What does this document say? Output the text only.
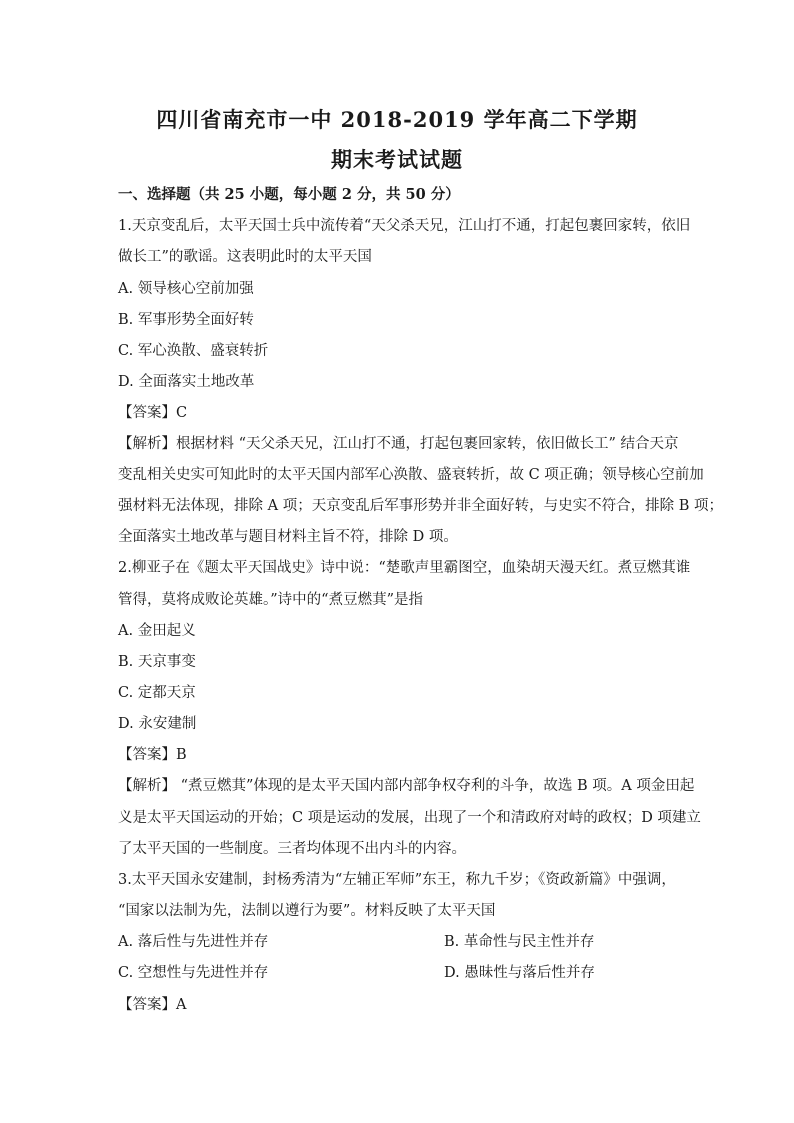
四川省南充市一中 2018-2019 学年高二下学期
期末考试试题
一、选择题（共 25 小题，每小题 2 分，共 50 分）
1.天京变乱后，太平天国士兵中流传着“天父杀天兄，江山打不通，打起包裹回家转，依旧
做长工”的歌谣。这表明此时的太平天国
A. 领导核心空前加强
B. 军事形势全面好转
C. 军心涣散、盛衰转折
D. 全面落实土地改革
【答案】C
【解析】根据材料 “天父杀天兄，江山打不通，打起包裹回家转，依旧做长工” 结合天京
变乱相关史实可知此时的太平天国内部军心涣散、盛衰转折，故 C 项正确；领导核心空前加
强材料无法体现，排除 A 项；天京变乱后军事形势并非全面好转，与史实不符合，排除 B 项；
全面落实土地改革与题目材料主旨不符，排除 D 项。
2.柳亚子在《题太平天国战史》诗中说：“楚歌声里霸图空，血染胡天漫天红。煮豆燃萁谁
管得，莫将成败论英雄。”诗中的“煮豆燃萁”是指
A. 金田起义
B. 天京事变
C. 定都天京
D. 永安建制
【答案】B
【解析】 “煮豆燃萁”体现的是太平天国内部内部争权夺利的斗争，故选 B 项。A 项金田起
义是太平天国运动的开始；C 项是运动的发展，出现了一个和清政府对峙的政权；D 项建立
了太平天国的一些制度。三者均体现不出内斗的内容。
3.太平天国永安建制，封杨秀清为“左辅正军师”东王，称九千岁；《资政新篇》中强调，
“国家以法制为先，法制以遵行为要”。材料反映了太平天国
A. 落后性与先进性并存	B. 革命性与民主性并存
C. 空想性与先进性并存	D. 愚昧性与落后性并存
【答案】A
